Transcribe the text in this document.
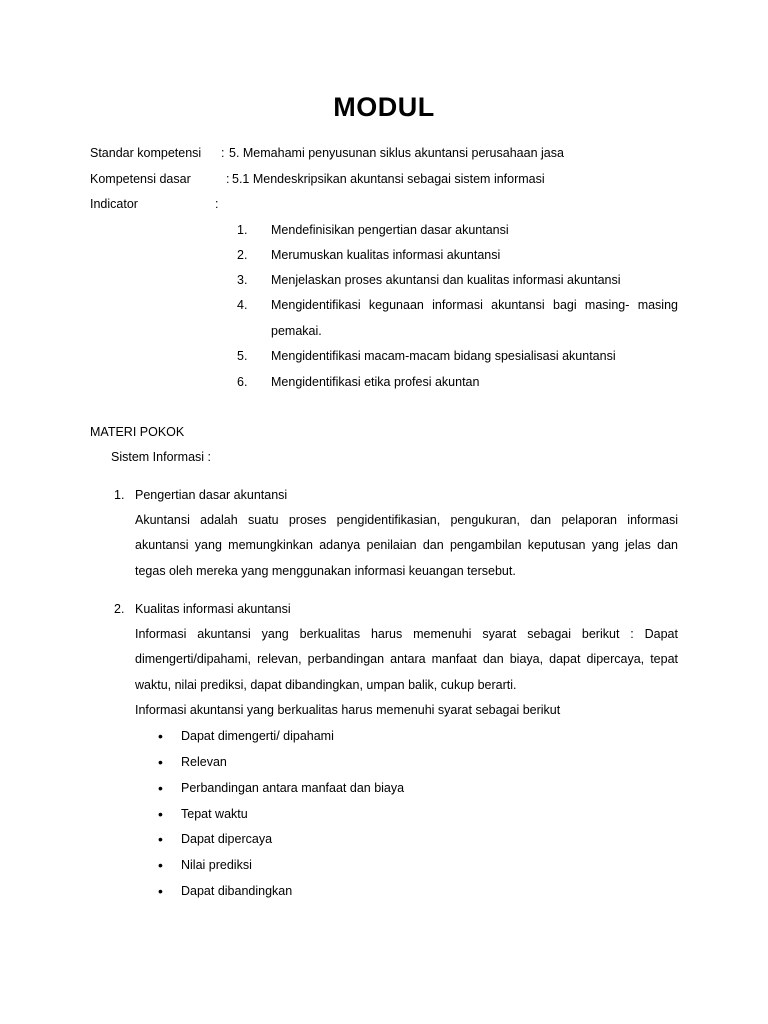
MODUL
Standar kompetensi : 5. Memahami penyusunan siklus akuntansi perusahaan jasa
Kompetensi dasar	: 5.1 Mendeskripsikan akuntansi sebagai sistem informasi
Indicator	:
1. Mendefinisikan pengertian dasar akuntansi
2. Merumuskan kualitas informasi akuntansi
3. Menjelaskan proses akuntansi dan kualitas informasi akuntansi
4. Mengidentifikasi kegunaan informasi akuntansi bagi masing- masing
pemakai.
5. Mengidentifikasi macam-macam bidang spesialisasi akuntansi
6. Mengidentifikasi etika profesi akuntan
MATERI POKOK
Sistem Informasi :
1. Pengertian dasar akuntansi
Akuntansi adalah suatu proses pengidentifikasian, pengukuran, dan pelaporan informasi
akuntansi yang memungkinkan adanya penilaian dan pengambilan keputusan yang jelas dan
tegas oleh mereka yang menggunakan informasi keuangan tersebut.
2. Kualitas informasi akuntansi
Informasi akuntansi yang berkualitas harus memenuhi syarat sebagai berikut : Dapat
dimengerti/dipahami, relevan, perbandingan antara manfaat dan biaya, dapat dipercaya, tepat
waktu, nilai prediksi, dapat dibandingkan, umpan balik, cukup berarti.
Informasi akuntansi yang berkualitas harus memenuhi syarat sebagai berikut
• Dapat dimengerti/ dipahami
• Relevan
• Perbandingan antara manfaat dan biaya
• Tepat waktu
• Dapat dipercaya
• Nilai prediksi
• Dapat dibandingkan
